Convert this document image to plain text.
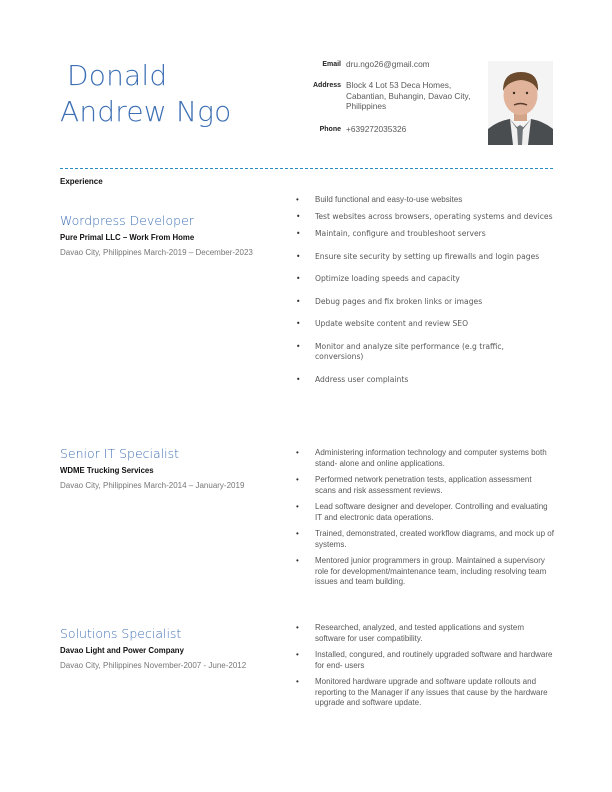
Donald
Andrew Ngo
Email dru.ngo26@gmail.com
Address Block 4 Lot 53 Deca Homes, Cabantian, Buhangin, Davao City, Philippines
Phone +639272035326
Experience
Wordpress Developer
Pure Primal LLC – Work From Home
Davao City, Philippines March-2019 – December-2023
• Build functional and easy-to-use websites
• Test websites across browsers, operating systems and devices
• Maintain, configure and troubleshoot servers
• Ensure site security by setting up firewalls and login pages
• Optimize loading speeds and capacity
• Debug pages and fix broken links or images
• Update website content and review SEO
• Monitor and analyze site performance (e.g traffic, conversions)
• Address user complaints
Senior IT Specialist
WDME Trucking Services
Davao City, Philippines March-2014 – January-2019
• Administering information technology and computer systems both stand- alone and online applications.
• Performed network penetration tests, application assessment scans and risk assessment reviews.
• Lead software designer and developer. Controlling and evaluating IT and electronic data operations.
• Trained, demonstrated, created workflow diagrams, and mock up of systems.
• Mentored junior programmers in group. Maintained a supervisory role for development/maintenance team, including resolving team issues and team building.
Solutions Specialist
Davao Light and Power Company
Davao City, Philippines November-2007 - June-2012
• Researched, analyzed, and tested applications and system software for user compatibility.
• Installed, congured, and routinely upgraded software and hardware for end- users
• Monitored hardware upgrade and software update rollouts and reporting to the Manager if any issues that cause by the hardware upgrade and software update.
